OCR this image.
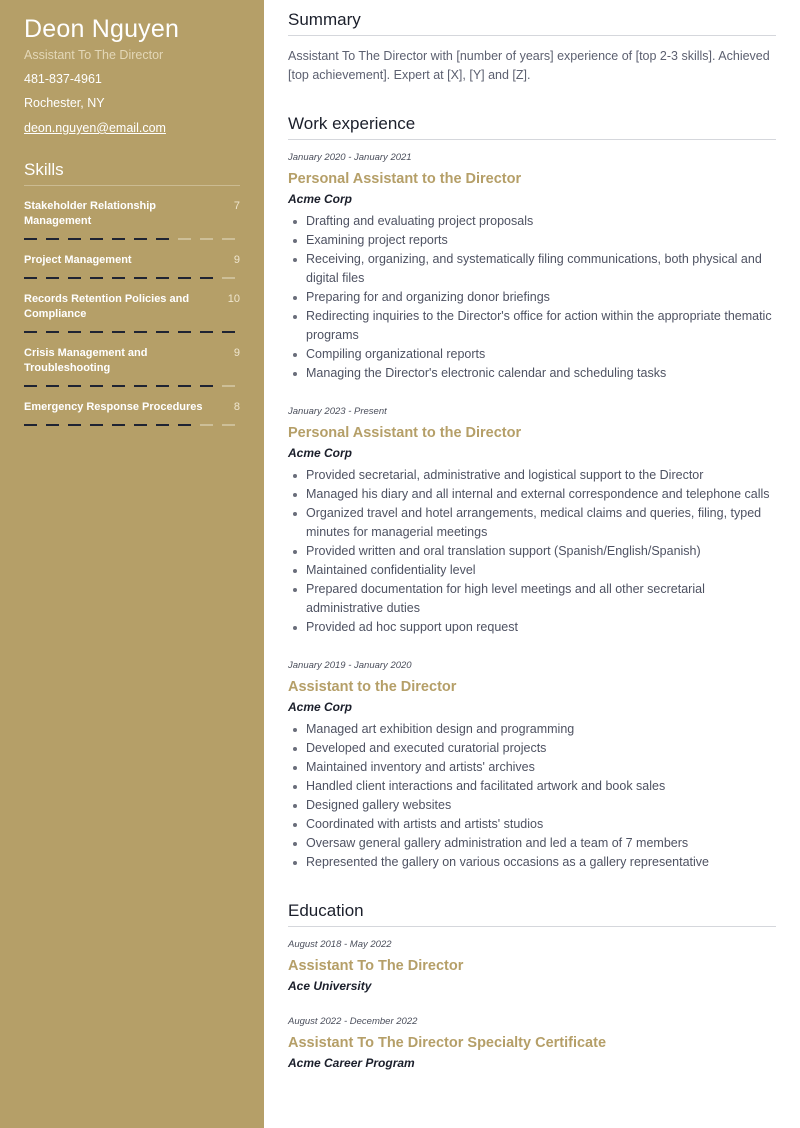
Deon Nguyen
Assistant To The Director
481-837-4961
Rochester, NY
deon.nguyen@email.com
Skills
Stakeholder Relationship Management
7
Project Management	9
Records Retention Policies and Compliance
10
Crisis Management and Troubleshooting
9
Emergency Response Procedures	8
Summary

Assistant To The Director with [number of years] experience of [top 2-3 skills]. Achieved [top achievement]. Expert at [X], [Y] and [Z].

Work experience
January 2020 - January 2021
Personal Assistant to the Director
Acme Corp
Drafting and evaluating project proposals
Examining project reports
Receiving, organizing, and systematically filing communications, both physical and digital files
Preparing for and organizing donor briefings
Redirecting inquiries to the Director's office for action within the appropriate thematic programs
Compiling organizational reports
Managing the Director's electronic calendar and scheduling tasks
January 2023 - Present
Personal Assistant to the Director
Acme Corp
Provided secretarial, administrative and logistical support to the Director
Managed his diary and all internal and external correspondence and telephone calls
Organized travel and hotel arrangements, medical claims and queries, filing, typed minutes for managerial meetings
Provided written and oral translation support (Spanish/English/Spanish)
Maintained confidentiality level
Prepared documentation for high level meetings and all other secretarial administrative duties
Provided ad hoc support upon request
January 2019 - January 2020
Assistant to the Director
Acme Corp
Managed art exhibition design and programming
Developed and executed curatorial projects
Maintained inventory and artists' archives
Handled client interactions and facilitated artwork and book sales
Designed gallery websites
Coordinated with artists and artists' studios
Oversaw general gallery administration and led a team of 7 members
Represented the gallery on various occasions as a gallery representative
Education
August 2018 - May 2022
Assistant To The Director
Ace University
August 2022 - December 2022
Assistant To The Director Specialty Certificate
Acme Career Program
